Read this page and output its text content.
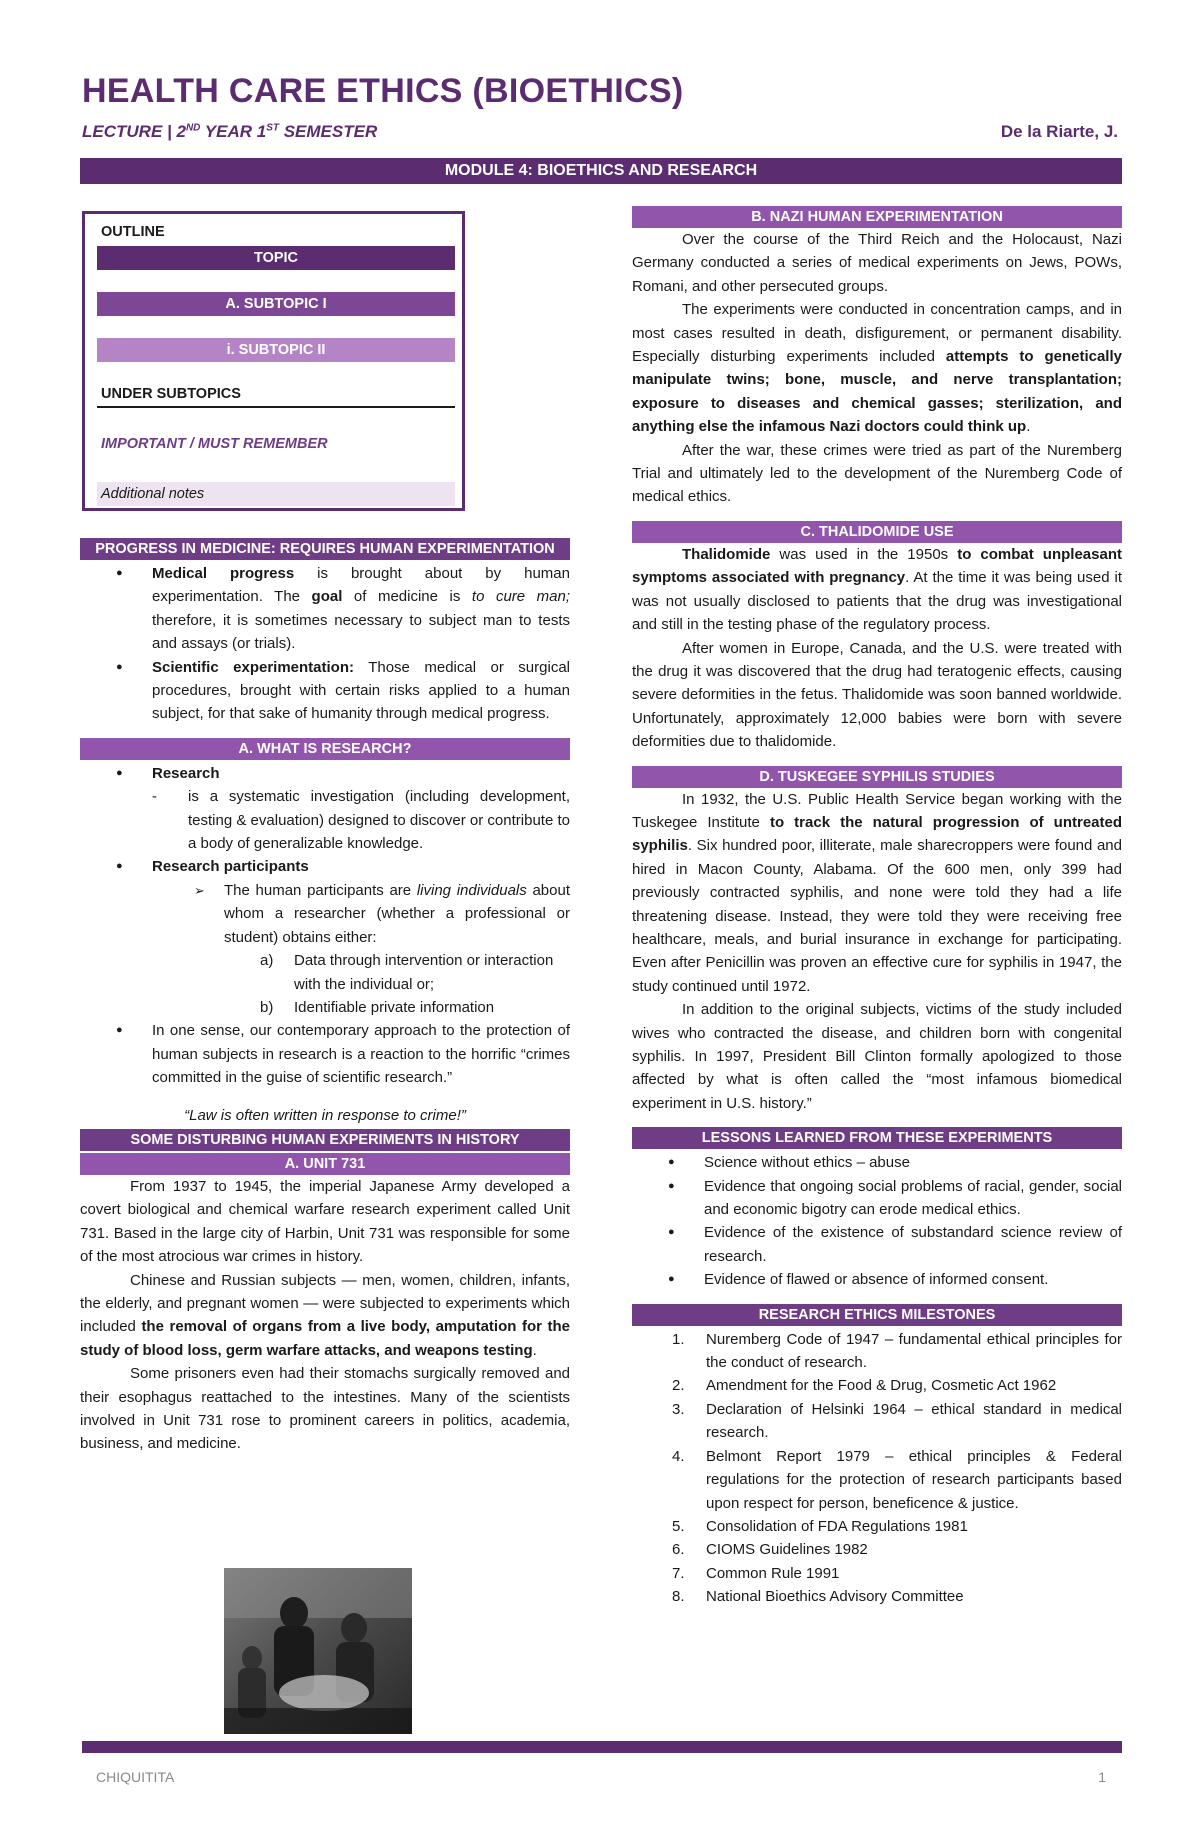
HEALTH CARE ETHICS (BIOETHICS)
LECTURE | 2ND YEAR 1ST SEMESTER	De la Riarte, J.
MODULE 4: BIOETHICS AND RESEARCH
OUTLINE
TOPIC
A. SUBTOPIC I
i. SUBTOPIC II
UNDER SUBTOPICS
IMPORTANT / MUST REMEMBER
Additional notes
PROGRESS IN MEDICINE: REQUIRES HUMAN EXPERIMENTATION
● Medical progress is brought about by human experimentation. The goal of medicine is to cure man; therefore, it is sometimes necessary to subject man to tests and assays (or trials).
● Scientific experimentation: Those medical or surgical procedures, brought with certain risks applied to a human subject, for that sake of humanity through medical progress.
A. WHAT IS RESEARCH?
● Research
- is a systematic investigation (including development, testing & evaluation) designed to discover or contribute to a body of generalizable knowledge.
● Research participants
➢ The human participants are living individuals about whom a researcher (whether a professional or student) obtains either:
a) Data through intervention or interaction with the individual or;
b) Identifiable private information
● In one sense, our contemporary approach to the protection of human subjects in research is a reaction to the horrific “crimes committed in the guise of scientific research.”

“Law is often written in response to crime!”

SOME DISTURBING HUMAN EXPERIMENTS IN HISTORY
A. UNIT 731

From 1937 to 1945, the imperial Japanese Army developed a covert biological and chemical warfare research experiment called Unit 731. Based in the large city of Harbin, Unit 731 was responsible for some of the most atrocious war crimes in history.

Chinese and Russian subjects — men, women, children, infants, the elderly, and pregnant women — were subjected to experiments which included the removal of organs from a live body, amputation for the study of blood loss, germ warfare attacks, and weapons testing.

Some prisoners even had their stomachs surgically removed and their esophagus reattached to the intestines. Many of the scientists involved in Unit 731 rose to prominent careers in politics, academia, business, and medicine.

B. NAZI HUMAN EXPERIMENTATION

Over the course of the Third Reich and the Holocaust, Nazi Germany conducted a series of medical experiments on Jews, POWs, Romani, and other persecuted groups.

The experiments were conducted in concentration camps, and in most cases resulted in death, disfigurement, or permanent disability. Especially disturbing experiments included attempts to genetically manipulate twins; bone, muscle, and nerve transplantation; exposure to diseases and chemical gasses; sterilization, and anything else the infamous Nazi doctors could think up.

After the war, these crimes were tried as part of the Nuremberg Trial and ultimately led to the development of the Nuremberg Code of medical ethics.

C. THALIDOMIDE USE

Thalidomide was used in the 1950s to combat unpleasant symptoms associated with pregnancy. At the time it was being used it was not usually disclosed to patients that the drug was investigational and still in the testing phase of the regulatory process.

After women in Europe, Canada, and the U.S. were treated with the drug it was discovered that the drug had teratogenic effects, causing severe deformities in the fetus. Thalidomide was soon banned worldwide. Unfortunately, approximately 12,000 babies were born with severe deformities due to thalidomide.

D. TUSKEGEE SYPHILIS STUDIES

In 1932, the U.S. Public Health Service began working with the Tuskegee Institute to track the natural progression of untreated syphilis. Six hundred poor, illiterate, male sharecroppers were found and hired in Macon County, Alabama. Of the 600 men, only 399 had previously contracted syphilis, and none were told they had a life threatening disease. Instead, they were told they were receiving free healthcare, meals, and burial insurance in exchange for participating. Even after Penicillin was proven an effective cure for syphilis in 1947, the study continued until 1972.

In addition to the original subjects, victims of the study included wives who contracted the disease, and children born with congenital syphilis. In 1997, President Bill Clinton formally apologized to those affected by what is often called the “most infamous biomedical experiment in U.S. history.”

LESSONS LEARNED FROM THESE EXPERIMENTS
● Science without ethics – abuse
● Evidence that ongoing social problems of racial, gender, social and economic bigotry can erode medical ethics.
● Evidence of the existence of substandard science review of research.
● Evidence of flawed or absence of informed consent.
RESEARCH ETHICS MILESTONES
1. Nuremberg Code of 1947 – fundamental ethical principles for the conduct of research.
2. Amendment for the Food & Drug, Cosmetic Act 1962
3. Declaration of Helsinki 1964 – ethical standard in medical research.
4. Belmont Report 1979 – ethical principles & Federal regulations for the protection of research participants based upon respect for person, beneficence & justice.
5. Consolidation of FDA Regulations 1981
6. CIOMS Guidelines 1982
7. Common Rule 1991
8. National Bioethics Advisory Committee
CHIQUITITA	1
